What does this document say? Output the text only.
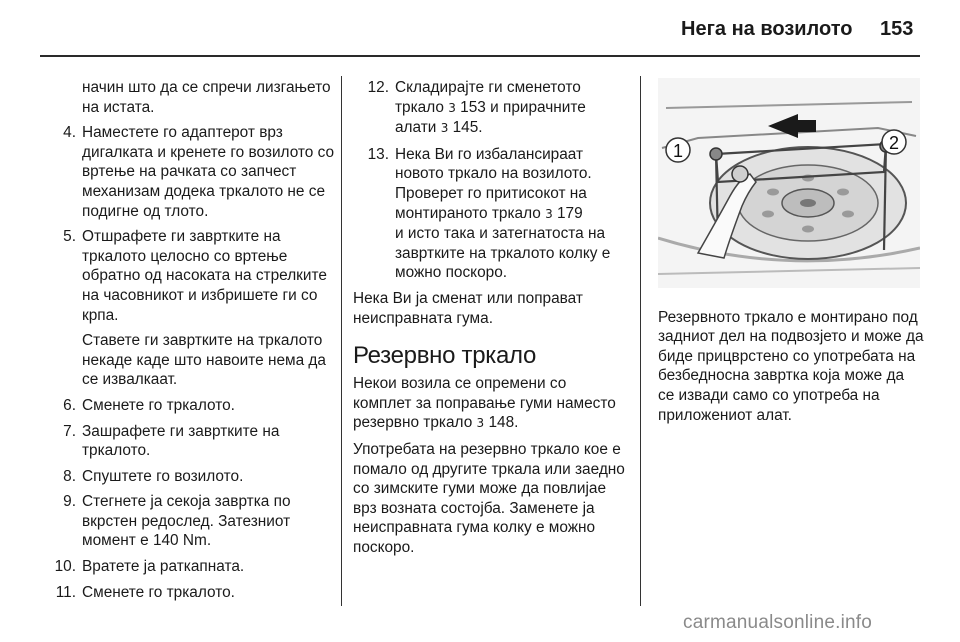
Нега на возилото 153

начин што да се спречи лизгањето на истата.

4. Наместете го адаптерот врз дигалката и кренете го возилото со вртење на рачката со запчест механизам додека тркалото не се подигне од тлото.
5. Отшрафете ги завртките на тркалото целосно со вртење обратно од насоката на стрелките на часовникот и избришете ги со крпа.

Ставете ги завртките на тркалото некаде каде што навоите нема да се извалкаат.

6. Сменете го тркалото.
7. Зашрафете ги завртките на тркалото.
8. Спуштете го возилото.
9. Стегнете ја секоја завртка по вкрстен редослед. Затезниот момент е 140 Nm.
10. Вратете ја раткапната.
11. Сменете го тркалото.
12. Складирајте ги сменетото тркало 3 153 и прирачните алати 3 145.
13. Нека Ви го избалансираат новото тркало на возилото. Проверет го притисокот на монтираното тркало 3 179
и исто така и затегнатоста на завртките на тркалото колку е можно поскоро.

Нека Ви ја сменат или поправат неисправната гума.

Резервно тркало

Некои возила се опремени со комплет за поправање гуми наместо резервно тркало 3 148.

Употребата на резервно тркало кое е помало од другите тркала или заедно со зимските гуми може да повлијае врз возната состојба. Заменете ја неисправната гума колку е можно поскоро.

1	2

Резервното тркало е монтирано под задниот дел на подвозјето и може да биде прицврстено со употребата на безбедносна завртка која може да се извади само со употреба на приложениот алат.

carmanualsonline.info
